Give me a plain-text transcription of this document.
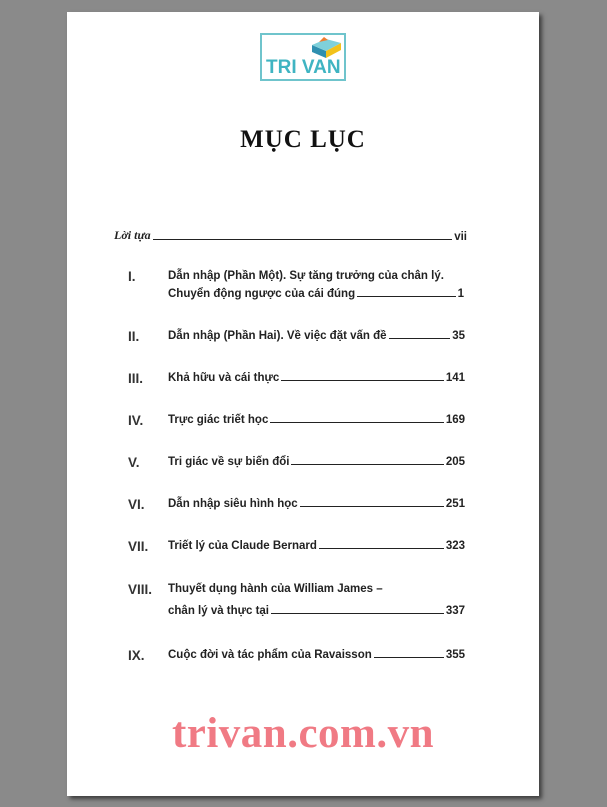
TRI VAN
MỤC LỤC
Lời tựa	vii
I.	Dẫn nhập (Phần Một). Sự tăng trưởng của chân lý.
Chuyển động ngược của cái đúng	1
II. Dẫn nhập (Phần Hai). Về việc đặt vấn đề	35
III. Khả hữu và cái thực	141
IV. Trực giác triết học	169
V. Tri giác về sự biến đổi	205
VI. Dẫn nhập siêu hình học	251
VII. Triết lý của Claude Bernard	323
VIII. Thuyết dụng hành của William James –
chân lý và thực tại	337
IX. Cuộc đời và tác phẩm của Ravaisson	355
trivan.com.vn
